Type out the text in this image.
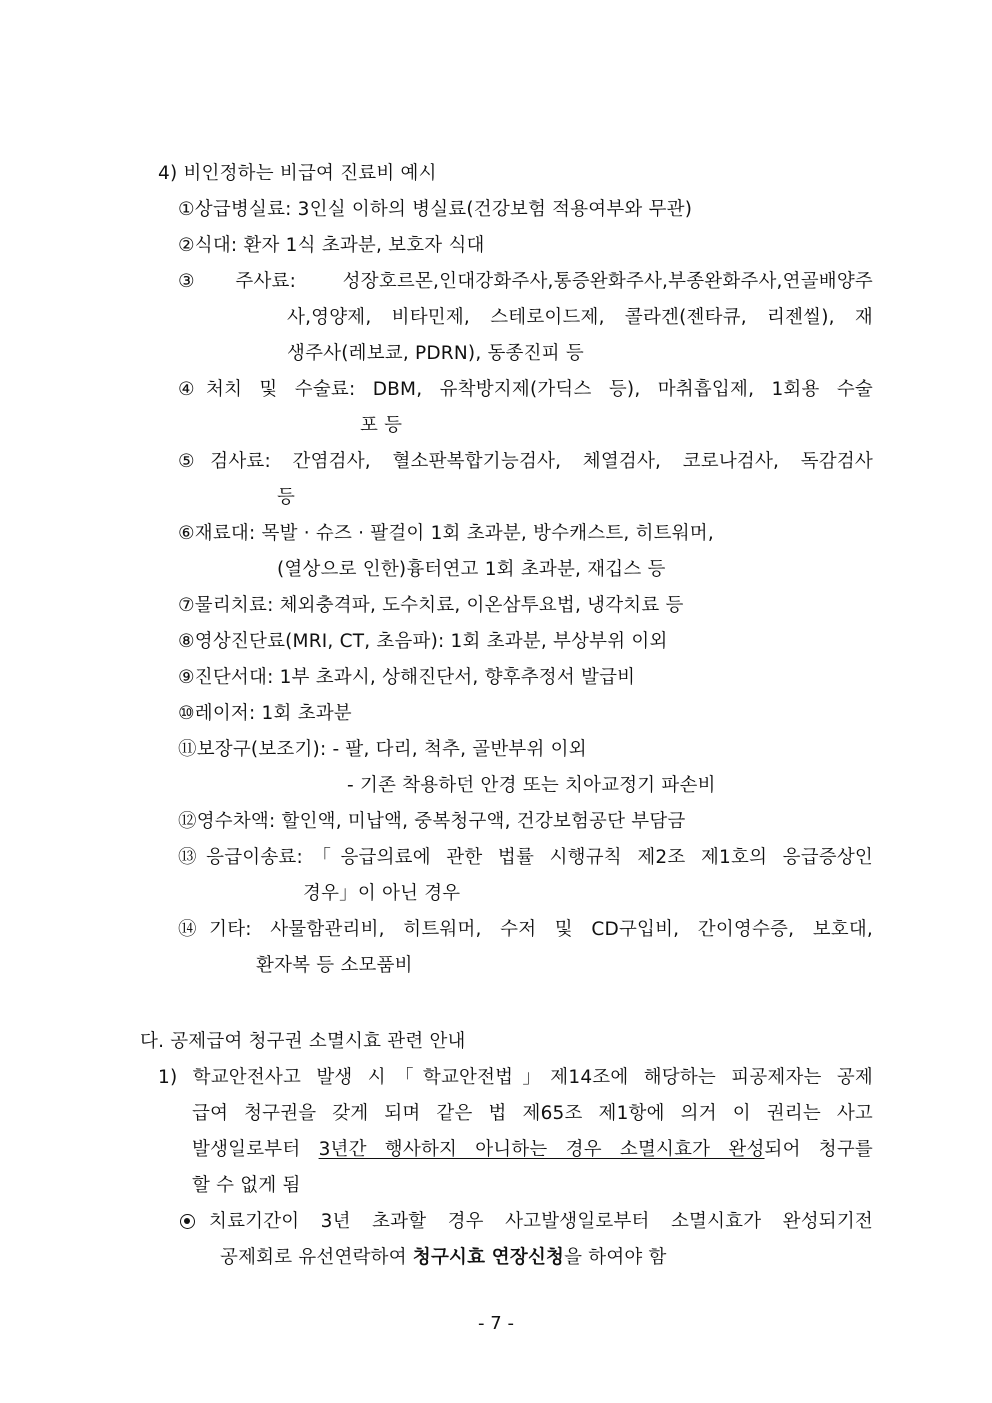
4) 비인정하는 비급여 진료비 예시
①상급병실료: 3인실 이하의 병실료(건강보험 적용여부와 무관)
②식대: 환자 1식 초과분, 보호자 식대
③주사료: 성장호르몬,인대강화주사,통증완화주사,부종완화주사,연골배양주
사,영양제, 비타민제, 스테로이드제, 콜라겐(젠타큐, 리젠씰), 재
생주사(레보쿄, PDRN), 동종진피 등
④처치 및 수술료: DBM, 유착방지제(가딕스 등), 마취흡입제, 1회용 수술
포 등
⑤검사료: 간염검사, 혈소판복합기능검사, 체열검사, 코로나검사, 독감검사
등
⑥재료대: 목발 · 슈즈 · 팔걸이 1회 초과분, 방수캐스트, 히트워머,
(열상으로 인한)흉터연고 1회 초과분, 재깁스 등
⑦물리치료: 체외충격파, 도수치료, 이온삼투요법, 냉각치료 등
⑧영상진단료(MRI, CT, 초음파): 1회 초과분, 부상부위 이외
⑨진단서대: 1부 초과시, 상해진단서, 향후추정서 발급비
⑩레이저: 1회 초과분
⑪보장구(보조기): - 팔, 다리, 척추, 골반부위 이외
- 기존 착용하던 안경 또는 치아교정기 파손비
⑫영수차액: 할인액, 미납액, 중복청구액, 건강보험공단 부담금
⑬응급이송료:「응급의료에 관한 법률 시행규칙 제2조 제1호의 응급증상인
경우」이 아닌 경우
⑭기타: 사물함관리비, 히트워머, 수저 및 CD구입비, 간이영수증, 보호대,
환자복 등 소모품비
다. 공제급여 청구권 소멸시효 관련 안내
1) 학교안전사고 발생 시「학교안전법」제14조에 해당하는 피공제자는 공제
급여 청구권을 갖게 되며 같은 법 제65조 제1항에 의거 이 권리는 사고
발생일로부터 3년간 행사하지 아니하는 경우 소멸시효가 완성되어 청구를
할 수 없게 됨
치료기간이 3년 초과할 경우 사고발생일로부터 소멸시효가 완성되기전
공제회로 유선연락하여 청구시효 연장신청을 하여야 함
- 7 -
